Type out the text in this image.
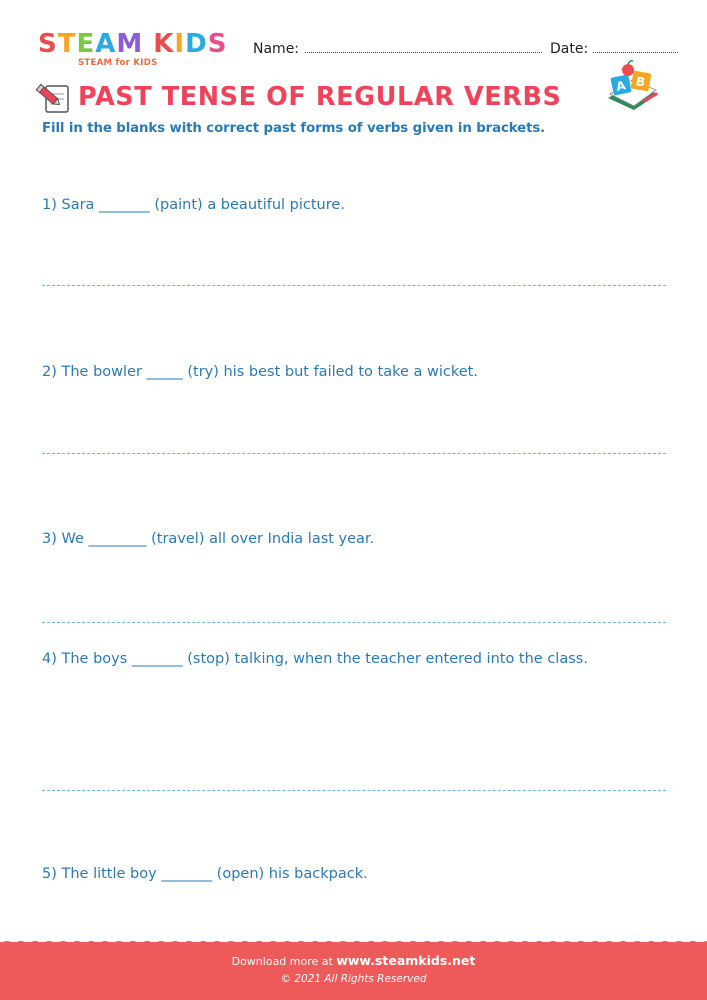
S T E A M K I D S
STEAM for KIDS
Name:	Date:
PAST TENSE OF REGULAR VERBS	A B
Fill in the blanks with correct past forms of verbs given in brackets.
1) Sara _______ (paint) a beautiful picture.
2) The bowler _____ (try) his best but failed to take a wicket.
3) We ________ (travel) all over India last year.
4) The boys _______ (stop) talking, when the teacher entered into the class.
5) The little boy _______ (open) his backpack.
Download more at www.steamkids.net
© 2021 All Rights Reserved
